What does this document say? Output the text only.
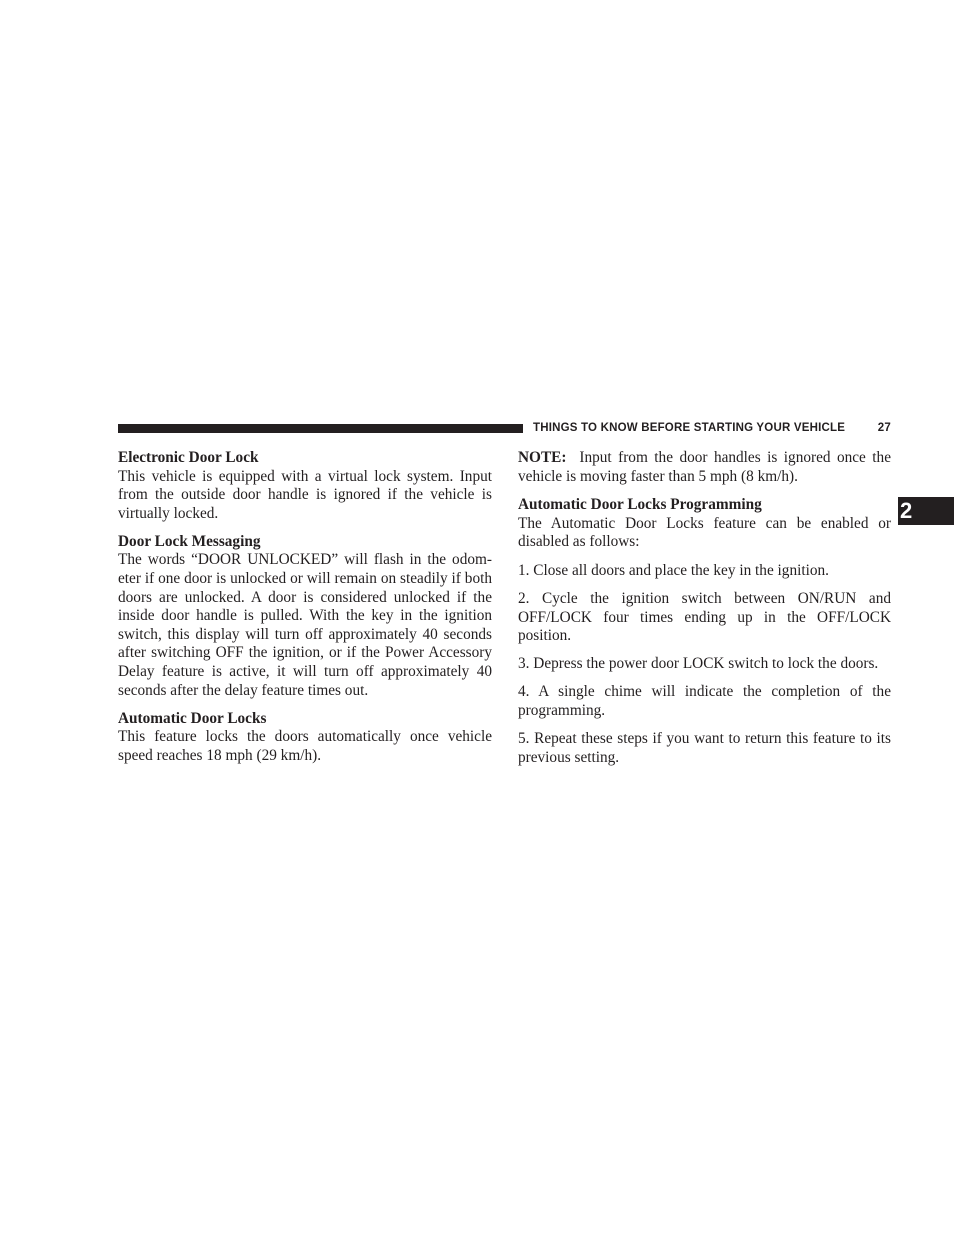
THINGS TO KNOW BEFORE STARTING YOUR VEHICLE	27
2

Electronic Door Lock

This vehicle is equipped with a virtual lock system. Input from the outside door handle is ignored if the vehicle is virtually locked.

Door Lock Messaging

The words “DOOR UNLOCKED” will flash in the odom-eter if one door is unlocked or will remain on steadily if both doors are unlocked. A door is considered unlocked if the inside door handle is pulled. With the key in the ignition switch, this display will turn off approximately 40 seconds after switching OFF the ignition, or if the Power Accessory Delay feature is active, it will turn off approximately 40 seconds after the delay feature times out.

Automatic Door Locks

This feature locks the doors automatically once vehicle speed reaches 18 mph (29 km/h).

NOTE: Input from the door handles is ignored once the vehicle is moving faster than 5 mph (8 km/h).

Automatic Door Locks Programming

The Automatic Door Locks feature can be enabled or disabled as follows:

1. Close all doors and place the key in the ignition.

2. Cycle the ignition switch between ON/RUN and OFF/LOCK four times ending up in the OFF/LOCK position.

3. Depress the power door LOCK switch to lock the doors.

4. A single chime will indicate the completion of the programming.

5. Repeat these steps if you want to return this feature to its previous setting.
